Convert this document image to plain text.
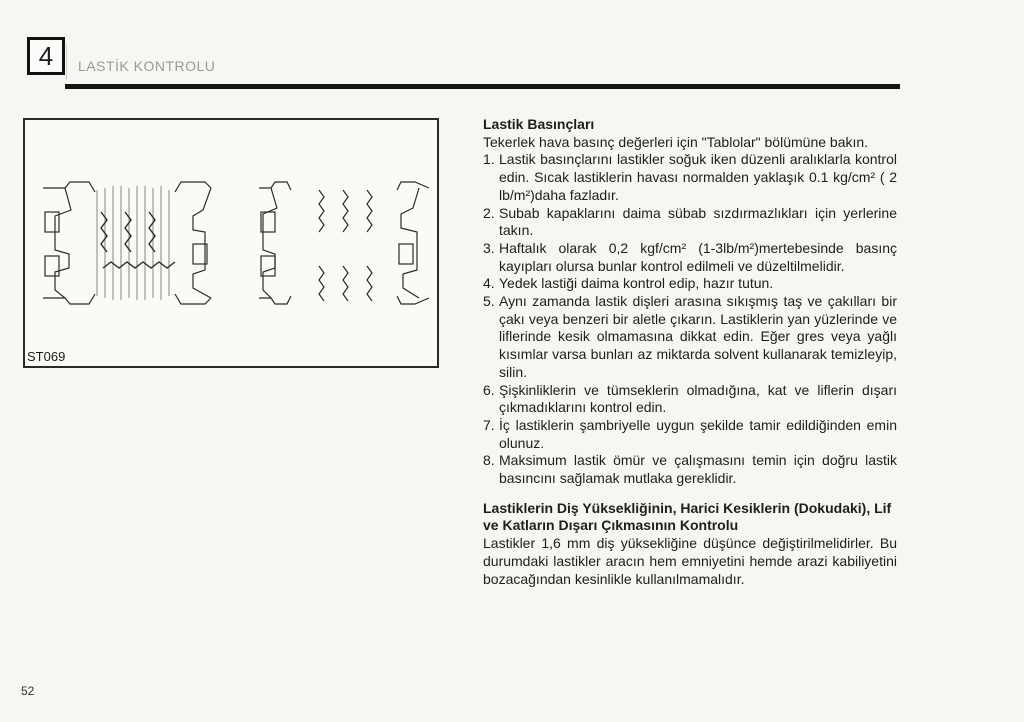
4 LASTİK KONTROLU
ST069
Lastik Basınçları
Tekerlek hava basınç değerleri için "Tablolar" bölümüne bakın.
1. Lastik basınçlarını lastikler soğuk iken düzenli aralıklarla kontrol edin. Sıcak lastiklerin havası normalden yaklaşık 0.1 kg/cm² ( 2 lb/m²)daha fazladır.
2. Subab kapaklarını daima sübab sızdırmazlıkları için yerlerine takın.
3. Haftalık olarak 0,2 kgf/cm² (1-3lb/m²)mertebesinde basınç kayıpları olursa bunlar kontrol edilmeli ve düzeltilmelidir.
4. Yedek lastiği daima kontrol edip, hazır tutun.
5. Aynı zamanda lastik dişleri arasına sıkışmış taş ve çakılları bir çakı veya benzeri bir aletle çıkarın. Lastiklerin yan yüzlerinde ve liflerinde kesik olmamasına dikkat edin. Eğer gres veya yağlı kısımlar varsa bunları az miktarda solvent kullanarak temizleyip, silin.
6. Şişkinliklerin ve tümseklerin olmadığına, kat ve liflerin dışarı çıkmadıklarını kontrol edin.
7. İç lastiklerin şambriyelle uygun şekilde tamir edildiğinden emin olunuz.
8. Maksimum lastik ömür ve çalışmasını temin için doğru lastik basıncını sağlamak mutlaka gereklidir.
Lastiklerin Diş Yüksekliğinin, Harici Kesiklerin (Dokudaki), Lif ve Katların Dışarı Çıkmasının Kontrolu
Lastikler 1,6 mm diş yüksekliğine düşünce değiştirilmelidirler. Bu durumdaki lastikler aracın hem emniyetini hemde arazi kabiliyetini bozacağından kesinlikle kullanılmamalıdır.
52
